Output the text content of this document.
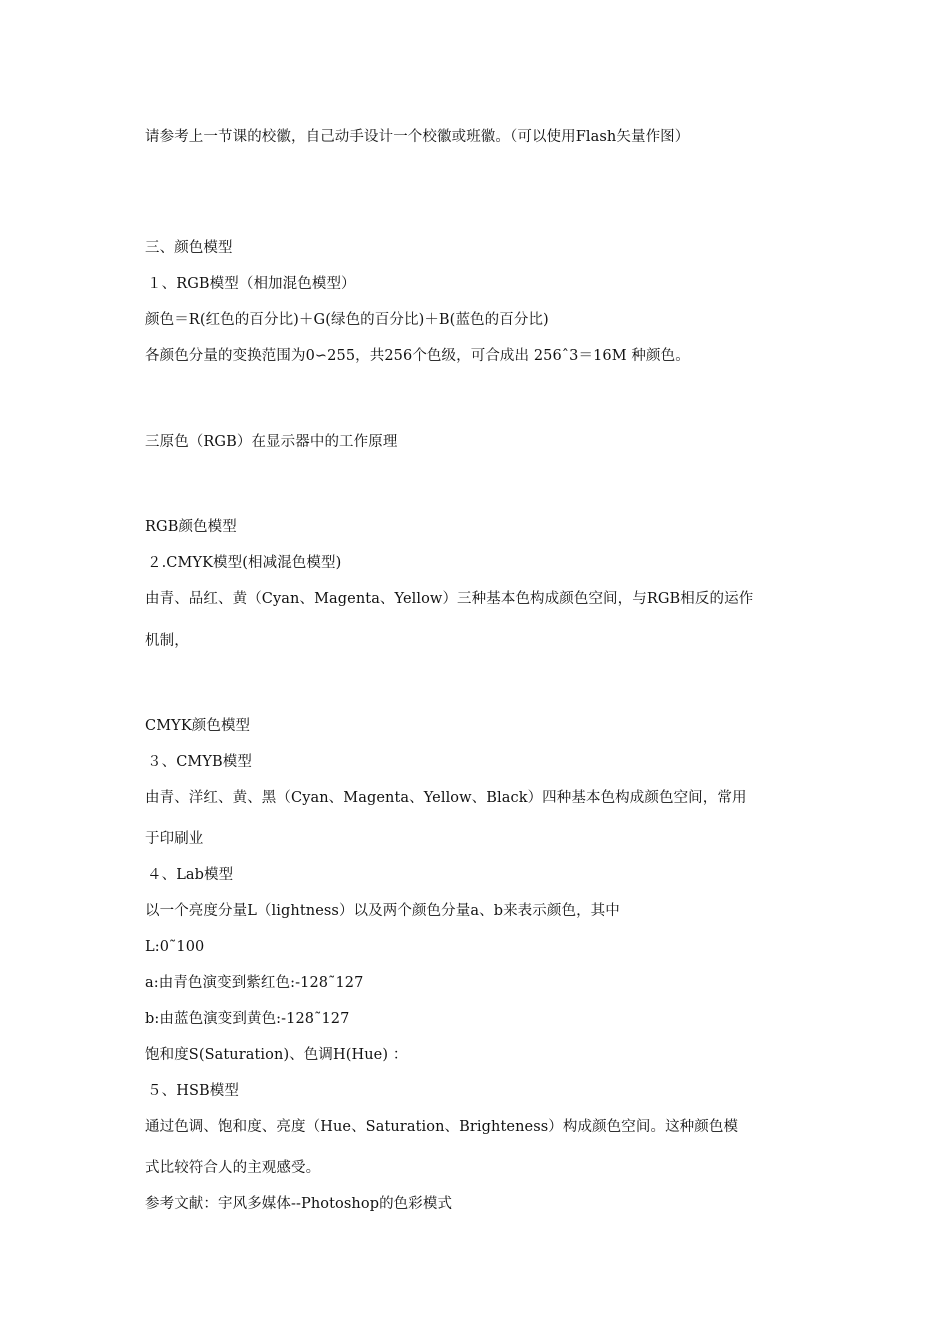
请参考上一节课的校徽，自己动手设计一个校徽或班徽。（可以使用Flash矢量作图）
三、颜色模型
１、RGB模型（相加混色模型）
颜色＝R(红色的百分比)＋G(绿色的百分比)＋B(蓝色的百分比)
各颜色分量的变换范围为0∽255，共256个色级，可合成出 256ˆ3＝16M 种颜色。
三原色（RGB）在显示器中的工作原理
RGB颜色模型
２.CMYK模型(相减混色模型)
由青、品红、黄（Cyan、Magenta、Yellow）三种基本色构成颜色空间，与RGB相反的运作
机制，
CMYK颜色模型
３、CMYB模型
由青、洋红、黄、黑（Cyan、Magenta、Yellow、Black）四种基本色构成颜色空间，常用
于印刷业
４、Lab模型
以一个亮度分量L（lightness）以及两个颜色分量a、b来表示颜色，其中
L:0˜100
a:由青色演变到紫红色:-128˜127
b:由蓝色演变到黄色:-128˜127
饱和度S(Saturation)、色调H(Hue) ：
５、HSB模型
通过色调、饱和度、亮度（Hue、Saturation、Brighteness）构成颜色空间。这种颜色模
式比较符合人的主观感受。
参考文献：宇风多媒体--Photoshop的色彩模式
